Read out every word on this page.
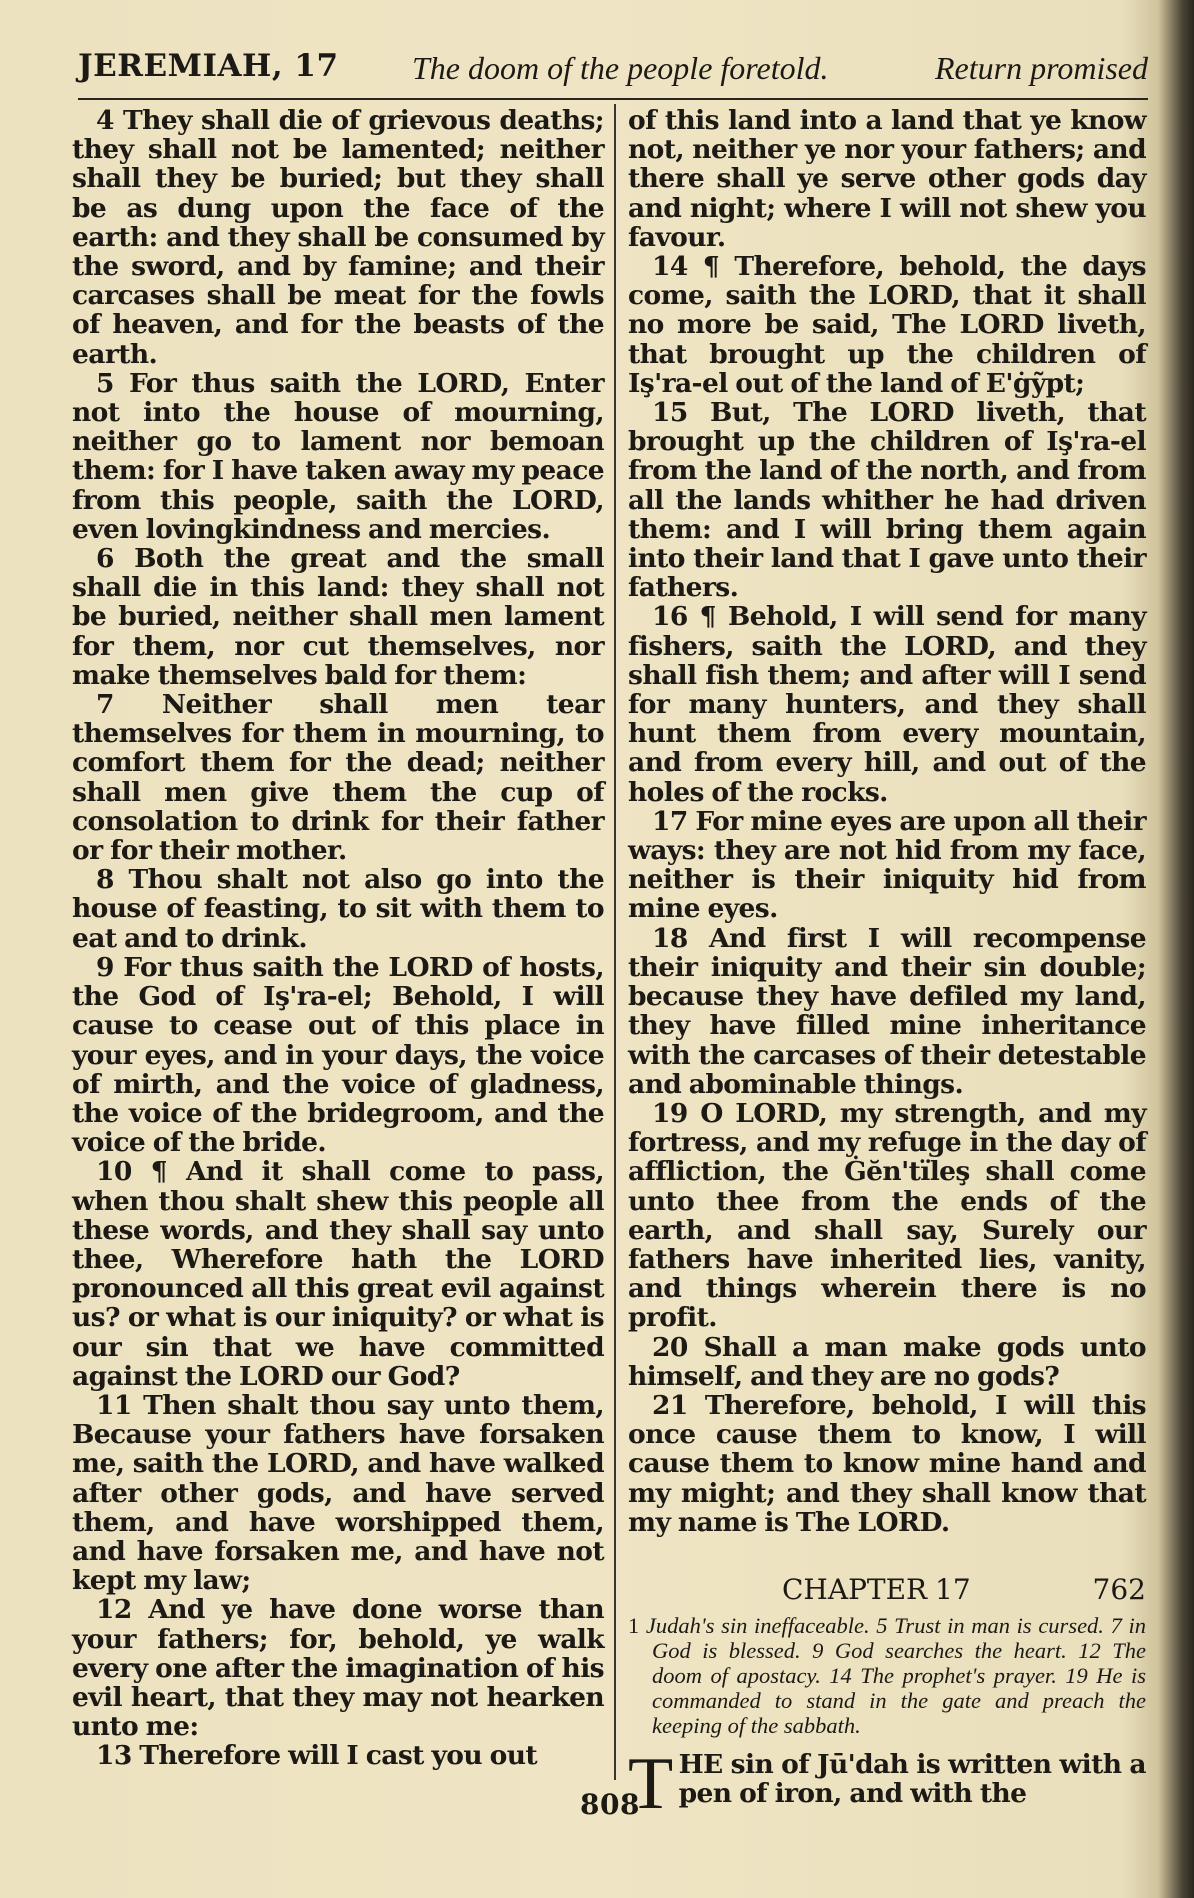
JEREMIAH, 17 The doom of the people foretold.	Return promised

4 They shall die of grievous deaths; they shall not be lamented; neither shall they be buried; but they shall be as dung upon the face of the earth: and they shall be consumed by the sword, and by famine; and their carcases shall be meat for the fowls of heaven, and for the beasts of the earth.

5 For thus saith the LORD, Enter not into the house of mourning, neither go to lament nor bemoan them: for I have taken away my peace from this people, saith the LORD, even lovingkindness and mercies.

6 Both the great and the small shall die in this land: they shall not be buried, neither shall men lament for them, nor cut themselves, nor make themselves bald for them:

7 Neither shall men tear themselves for them in mourning, to comfort them for the dead; neither shall men give them the cup of consolation to drink for their father or for their mother.

8 Thou shalt not also go into the house of feasting, to sit with them to eat and to drink.

9 For thus saith the LORD of hosts, the God of Iş'ra-el; Behold, I will cause to cease out of this place in your eyes, and in your days, the voice of mirth, and the voice of gladness, the voice of the bridegroom, and the voice of the bride.

10 ¶ And it shall come to pass, when thou shalt shew this people all these words, and they shall say unto thee, Wherefore hath the LORD pronounced all this great evil against us? or what is our iniquity? or what is our sin that we have committed against the LORD our God?

11 Then shalt thou say unto them, Because your fathers have forsaken me, saith the LORD, and have walked after other gods, and have served them, and have worshipped them, and have forsaken me, and have not kept my law;

12 And ye have done worse than your fathers; for, behold, ye walk every one after the imagination of his evil heart, that they may not hearken unto me:

13 Therefore will I cast you out

of this land into a land that ye know not, neither ye nor your fathers; and there shall ye serve other gods day and night; where I will not shew you favour.

14 ¶ Therefore, behold, the days come, saith the LORD, that it shall no more be said, The LORD liveth, that brought up the children of Iş'ra-el out of the land of E'ġỹpt;

15 But, The LORD liveth, that brought up the children of Iş'ra-el from the land of the north, and from all the lands whither he had driven them: and I will bring them again into their land that I gave unto their fathers.

16 ¶ Behold, I will send for many fishers, saith the LORD, and they shall fish them; and after will I send for many hunters, and they shall hunt them from every mountain, and from every hill, and out of the holes of the rocks.

17 For mine eyes are upon all their ways: they are not hid from my face, neither is their iniquity hid from mine eyes.

18 And first I will recompense their iniquity and their sin double; because they have defiled my land, they have filled mine inheritance with the carcases of their detestable and abominable things.

19 O LORD, my strength, and my fortress, and my refuge in the day of affliction, the Ġĕn'tïleş shall come unto thee from the ends of the earth, and shall say, Surely our fathers have inherited lies, vanity, and things wherein there is no profit.

20 Shall a man make gods unto himself, and they are no gods?

21 Therefore, behold, I will this once cause them to know, I will cause them to know mine hand and my might; and they shall know that my name is The LORD.

CHAPTER 17	762

1 Judah's sin ineffaceable. 5 Trust in man is cursed. 7 in God is blessed. 9 God searches the heart. 12 The doom of apostacy. 14 The prophet's prayer. 19 He is commanded to stand in the gate and preach the keeping of the sabbath.

THE sin of Jū'dah is written with a pen of iron, and with the

808
